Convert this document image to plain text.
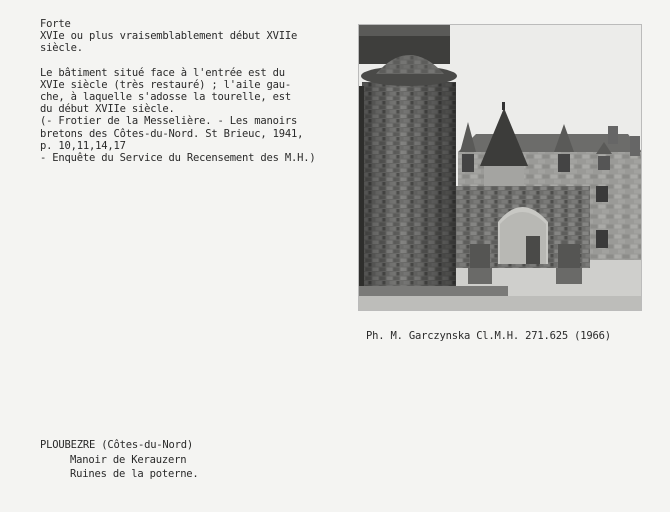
Forte
XVIe ou plus vraisemblablement début XVIIe
siècle.
Le bâtiment situé face à l'entrée est du
XVIe siècle (très restauré) ; l'aile gau-
che, à laquelle s'adosse la tourelle, est
du début XVIIe siècle.
(- Frotier de la Messelière. - Les manoirs
bretons des Côtes-du-Nord. St Brieuc, 1941,
p. 10,11,14,17
- Enquête du Service du Recensement des M.H.)
Ph. M. Garczynska Cl.M.H. 271.625 (1966)
PLOUBEZRE (Côtes-du-Nord)
Manoir de Kerauzern
Ruines de la poterne.
